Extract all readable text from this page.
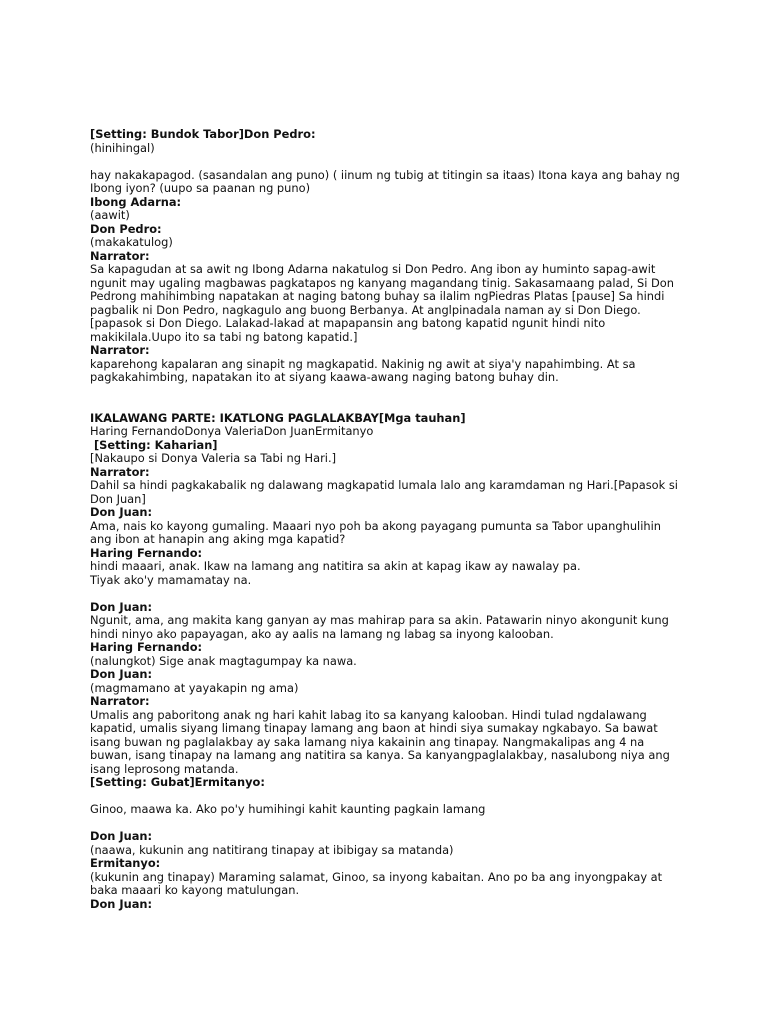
[Setting: Bundok Tabor]Don Pedro:
(hinihingal)

hay nakakapagod. (sasandalan ang puno) ( iinum ng tubig at titingin sa itaas) Itona kaya ang bahay ng
Ibong iyon? (uupo sa paanan ng puno)
Ibong Adarna:
(aawit)
Don Pedro:
(makakatulog)
Narrator:
Sa kapagudan at sa awit ng Ibong Adarna nakatulog si Don Pedro. Ang ibon ay huminto sapag-awit
ngunit may ugaling magbawas pagkatapos ng kanyang magandang tinig. Sakasamaang palad, Si Don
Pedrong mahihimbing napatakan at naging batong buhay sa ilalim ngPiedras Platas [pause] Sa hindi
pagbalik ni Don Pedro, nagkagulo ang buong Berbanya. At anglpinadala naman ay si Don Diego.
[papasok si Don Diego. Lalakad-lakad at mapapansin ang batong kapatid ngunit hindi nito
makikilala.Uupo ito sa tabi ng batong kapatid.]
Narrator:
kaparehong kapalaran ang sinapit ng magkapatid. Nakinig ng awit at siya'y napahimbing. At sa
pagkakahimbing, napatakan ito at siyang kaawa-awang naging batong buhay din.

IKALAWANG PARTE: IKATLONG PAGLALAKBAY[Mga tauhan]
Haring FernandoDonya ValeriaDon JuanErmitanyo
[Setting: Kaharian]
[Nakaupo si Donya Valeria sa Tabi ng Hari.]
Narrator:
Dahil sa hindi pagkakabalik ng dalawang magkapatid lumala lalo ang karamdaman ng Hari.[Papasok si
Don Juan]
Don Juan:
Ama, nais ko kayong gumaling. Maaari nyo poh ba akong payagang pumunta sa Tabor upanghulihin
ang ibon at hanapin ang aking mga kapatid?
Haring Fernando:
hindi maaari, anak. Ikaw na lamang ang natitira sa akin at kapag ikaw ay nawalay pa.
Tiyak ako'y mamamatay na.

Don Juan:
Ngunit, ama, ang makita kang ganyan ay mas mahirap para sa akin. Patawarin ninyo akongunit kung
hindi ninyo ako papayagan, ako ay aalis na lamang ng labag sa inyong kalooban.
Haring Fernando:
(nalungkot) Sige anak magtagumpay ka nawa.
Don Juan:
(magmamano at yayakapin ng ama)
Narrator:
Umalis ang paboritong anak ng hari kahit labag ito sa kanyang kalooban. Hindi tulad ngdalawang
kapatid, umalis siyang limang tinapay lamang ang baon at hindi siya sumakay ngkabayo. Sa bawat
isang buwan ng paglalakbay ay saka lamang niya kakainin ang tinapay. Nangmakalipas ang 4 na
buwan, isang tinapay na lamang ang natitira sa kanya. Sa kanyangpaglalakbay, nasalubong niya ang
isang leprosong matanda.
[Setting: Gubat]Ermitanyo:

Ginoo, maawa ka. Ako po'y humihingi kahit kaunting pagkain lamang

Don Juan:
(naawa, kukunin ang natitirang tinapay at ibibigay sa matanda)
Ermitanyo:
(kukunin ang tinapay) Maraming salamat, Ginoo, sa inyong kabaitan. Ano po ba ang inyongpakay at
baka maaari ko kayong matulungan.
Don Juan:
